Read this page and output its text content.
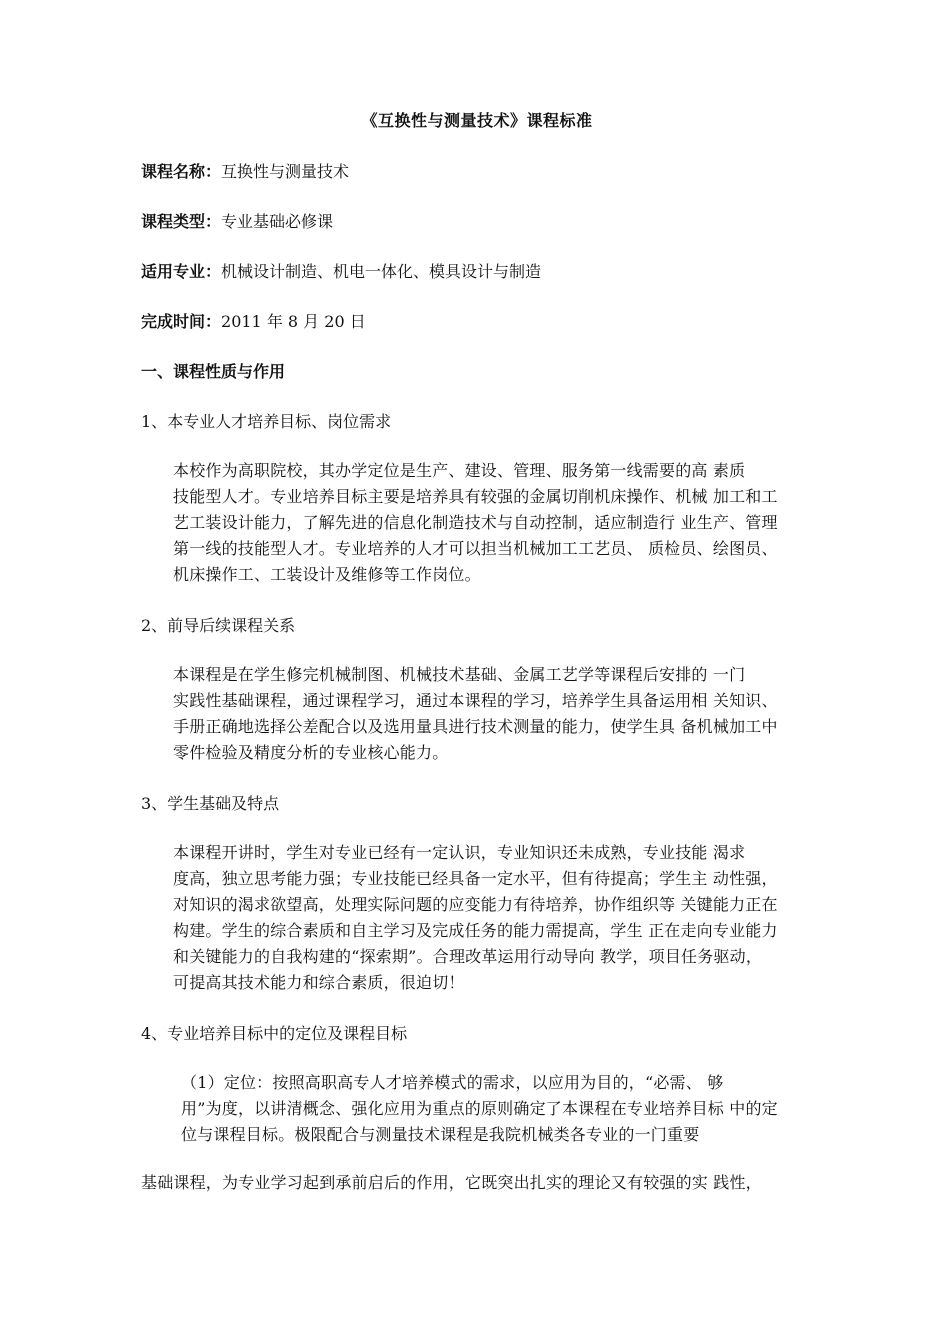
《互换性与测量技术》课程标准
课程名称：互换性与测量技术
课程类型：专业基础必修课
适用专业：机械设计制造、机电一体化、模具设计与制造
完成时间：2011 年 8 月 20 日
一、课程性质与作用
1、本专业人才培养目标、岗位需求
本校作为高职院校，其办学定位是生产、建设、管理、服务第一线需要的高 素质
技能型人才。专业培养目标主要是培养具有较强的金属切削机床操作、机械 加工和工
艺工装设计能力，了解先进的信息化制造技术与自动控制，适应制造行 业生产、管理
第一线的技能型人才。专业培养的人才可以担当机械加工工艺员、 质检员、绘图员、
机床操作工、工装设计及维修等工作岗位。
2、前导后续课程关系
本课程是在学生修完机械制图、机械技术基础、金属工艺学等课程后安排的 一门
实践性基础课程，通过课程学习，通过本课程的学习，培养学生具备运用相 关知识、
手册正确地选择公差配合以及选用量具进行技术测量的能力，使学生具 备机械加工中
零件检验及精度分析的专业核心能力。
3、学生基础及特点
本课程开讲时，学生对专业已经有一定认识，专业知识还未成熟，专业技能 渴求
度高，独立思考能力强；专业技能已经具备一定水平，但有待提高；学生主 动性强，
对知识的渴求欲望高，处理实际问题的应变能力有待培养，协作组织等 关键能力正在
构建。学生的综合素质和自主学习及完成任务的能力需提高，学生 正在走向专业能力
和关键能力的自我构建的“探索期”。合理改革运用行动导向 教学，项目任务驱动，
可提高其技术能力和综合素质，很迫切！
4、专业培养目标中的定位及课程目标
（1）定位：按照高职高专人才培养模式的需求，以应用为目的，“必需、 够
用”为度，以讲清概念、强化应用为重点的原则确定了本课程在专业培养目标 中的定
位与课程目标。极限配合与测量技术课程是我院机械类各专业的一门重要
基础课程，为专业学习起到承前启后的作用，它既突出扎实的理论又有较强的实 践性，
